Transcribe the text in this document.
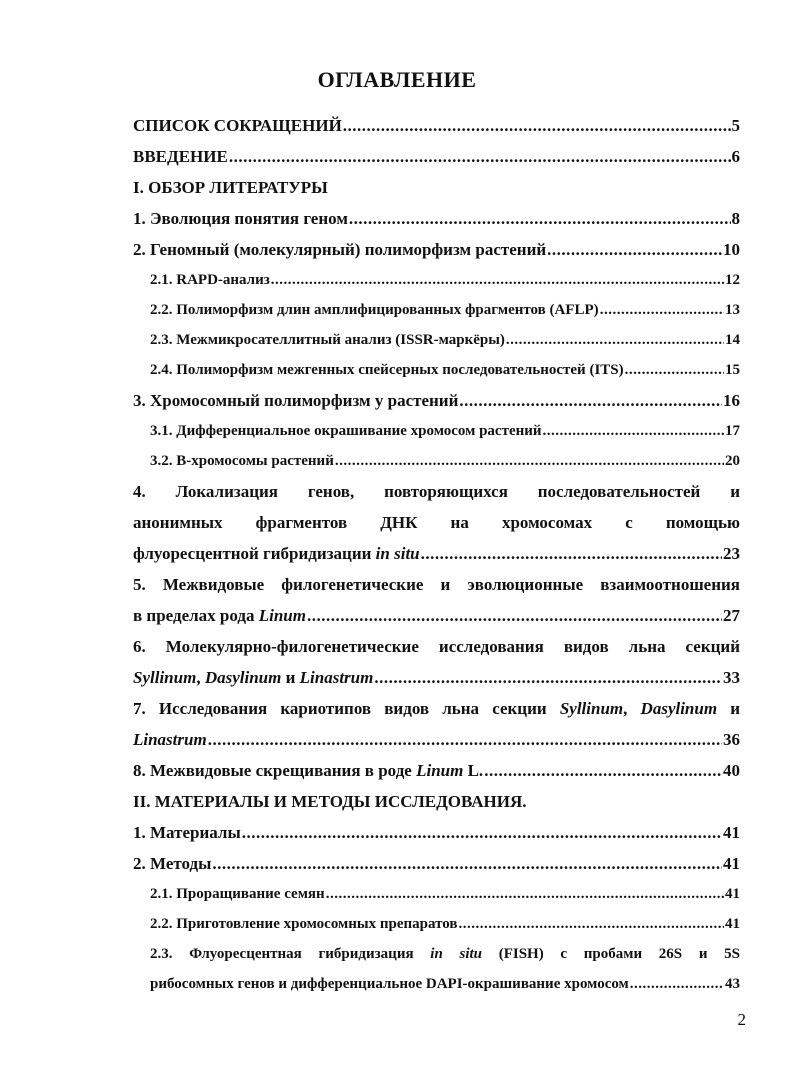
ОГЛАВЛЕНИЕ
СПИСОК СОКРАЩЕНИЙ .....	5
ВВЕДЕНИЕ .....	6
I. ОБЗОР ЛИТЕРАТУРЫ
1. Эволюция понятия геном .....	8
2. Геномный (молекулярный) полиморфизм растений .....	10
2.1. RAPD-анализ .....	12
2.2. Полиморфизм длин амплифицированных фрагментов (AFLP) .....	13
2.3. Межмикросателлитный анализ (ISSR-маркёры) .....	14
2.4. Полиморфизм межгенных спейсерных последовательностей (ITS) .....	15
3. Хромосомный полиморфизм у растений .....	16
3.1. Дифференциальное окрашивание хромосом растений .....	17
3.2. B-хромосомы растений .....	20
4. Локализация генов, повторяющихся последовательностей и
анонимных фрагментов ДНК на хромосомах с помощью
флуоресцентной гибридизации in situ .....	23
5. Межвидовые филогенетические и эволюционные взаимоотношения
в пределах рода Linum .....	27
6. Молекулярно-филогенетические исследования видов льна секций
Syllinum, Dasylinum и Linastrum .....	33
7. Исследования кариотипов видов льна секции Syllinum, Dasylinum и
Linastrum .....	36
8. Межвидовые скрещивания в роде Linum L. .....	40
II. МАТЕРИАЛЫ И МЕТОДЫ ИССЛЕДОВАНИЯ.
1. Материалы .....	41
2. Методы .....	41
2.1. Проращивание семян .....	41
2.2. Приготовление хромосомных препаратов .....	41
2.3. Флуоресцентная гибридизация in situ (FISH) с пробами 26S и 5S
рибосомных генов и дифференциальное DAPI-окрашивание хромосом .....	43
2
